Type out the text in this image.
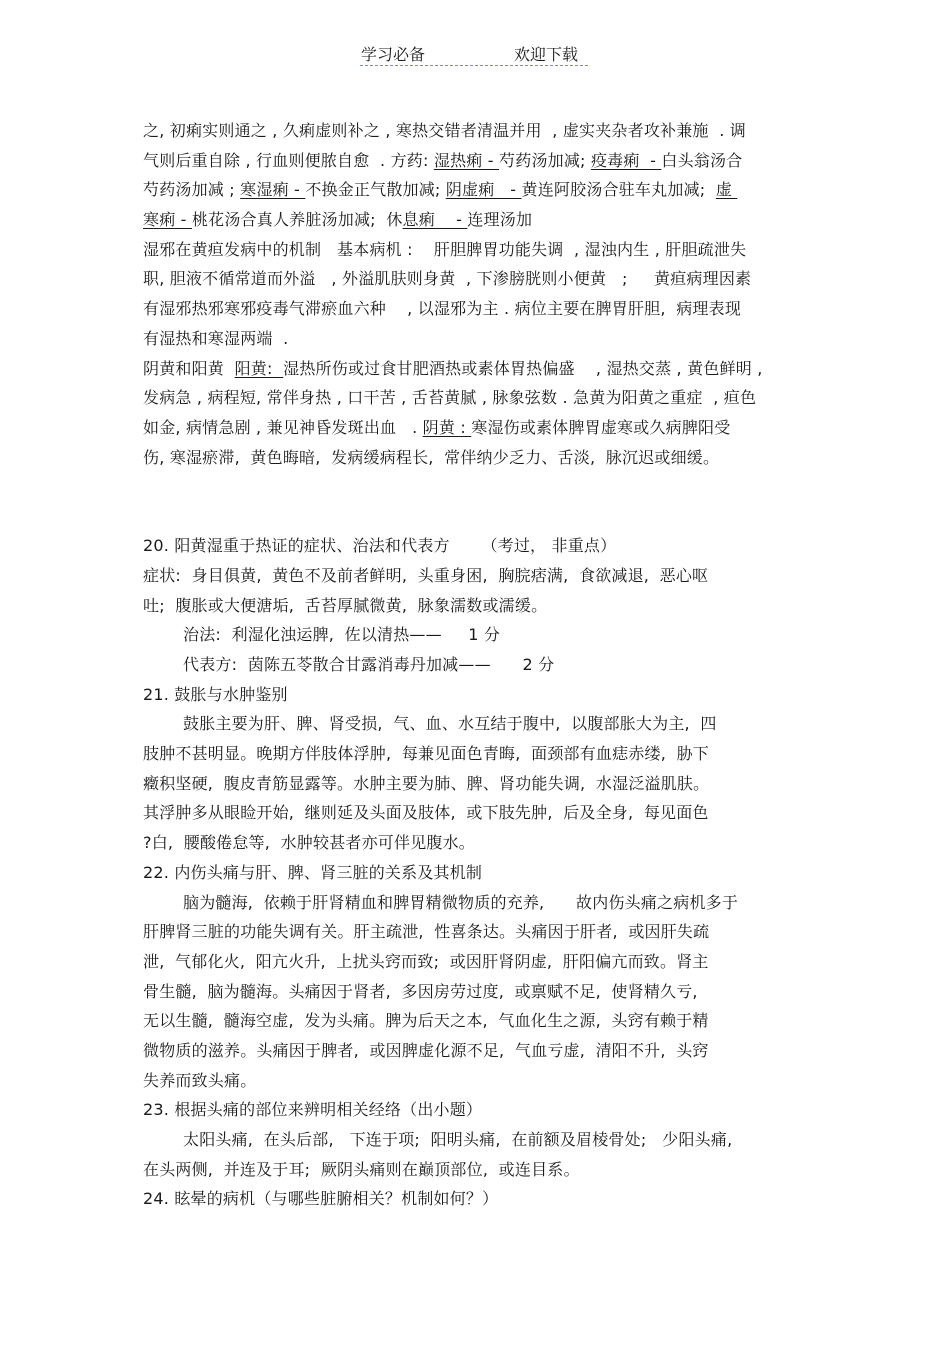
学习必备	欢迎下载
之, 初痢实则通之 , 久痢虚则补之 , 寒热交错者清温并用  , 虚实夹杂者攻补兼施  . 调
气则后重自除 , 行血则便脓自愈  . 方药: 湿热痢 - 芍药汤加减; 疫毒痢  - 白头翁汤合
芍药汤加减 ; 寒湿痢 - 不换金正气散加减; 阴虚痢   - 黄连阿胶汤合驻车丸加减;  虚
寒痢 - 桃花汤合真人养脏汤加减;  休息痢    - 连理汤加
湿邪在黄疸发病中的机制   基本病机 :    肝胆脾胃功能失调  , 湿浊内生 , 肝胆疏泄失
职, 胆液不循常道而外溢   , 外溢肌肤则身黄  , 下渗膀胱则小便黄   ;     黄疸病理因素
有湿邪热邪寒邪疫毒气滞瘀血六种    , 以湿邪为主 . 病位主要在脾胃肝胆,  病理表现
有湿热和寒湿两端  .
阴黄和阳黄  阳黄:  湿热所伤或过食甘肥酒热或素体胃热偏盛    , 湿热交蒸 , 黄色鲜明 ,
发病急 , 病程短, 常伴身热 , 口干苦 , 舌苔黄腻 , 脉象弦数 . 急黄为阳黄之重症  , 疸色
如金, 病情急剧 , 兼见神昏发斑出血   . 阴黄 : 寒湿伤或素体脾胃虚寒或久病脾阳受
伤, 寒湿瘀滞,  黄色晦暗,  发病缓病程长,  常伴纳少乏力、舌淡,  脉沉迟或细缓。
20. 阳黄湿重于热证的症状、治法和代表方      （考过， 非重点）
症状:  身目俱黄,  黄色不及前者鲜明,  头重身困,  胸脘痞满,  食欲减退,  恶心呕
吐;  腹胀或大便溏垢,  舌苔厚腻微黄,  脉象濡数或濡缓。
治法:  利湿化浊运脾,  佐以清热——     1 分
代表方:  茵陈五苓散合甘露消毒丹加减——      2 分
21. 鼓胀与水肿鉴别
鼓胀主要为肝、脾、肾受损,  气、血、水互结于腹中,  以腹部胀大为主,  四
肢肿不甚明显。晚期方伴肢体浮肿,  每兼见面色青晦,  面颈部有血痣赤缕,  胁下
癥积坚硬,  腹皮青筋显露等。水肿主要为肺、脾、肾功能失调,  水湿泛溢肌肤。
其浮肿多从眼睑开始,  继则延及头面及肢体,  或下肢先肿,  后及全身,  每见面色
?白,  腰酸倦怠等,  水肿较甚者亦可伴见腹水。
22. 内伤头痛与肝、脾、肾三脏的关系及其机制
脑为髓海,  依赖于肝肾精血和脾胃精微物质的充养,      故内伤头痛之病机多于
肝脾肾三脏的功能失调有关。肝主疏泄,  性喜条达。头痛因于肝者,  或因肝失疏
泄,  气郁化火,  阳亢火升,  上扰头窍而致;  或因肝肾阴虚,  肝阳偏亢而致。肾主
骨生髓,  脑为髓海。头痛因于肾者,  多因房劳过度,  或禀赋不足,  使肾精久亏,
无以生髓,  髓海空虚,  发为头痛。脾为后天之本,  气血化生之源,  头窍有赖于精
微物质的滋养。头痛因于脾者,  或因脾虚化源不足,  气血亏虚,  清阳不升,  头窍
失养而致头痛。
23. 根据头痛的部位来辨明相关经络（出小题）
太阳头痛,  在头后部,   下连于项;  阳明头痛,  在前额及眉棱骨处;   少阳头痛,
在头两侧,  并连及于耳;  厥阴头痛则在巅顶部位,  或连目系。
24. 眩晕的病机（与哪些脏腑相关？机制如何？）
